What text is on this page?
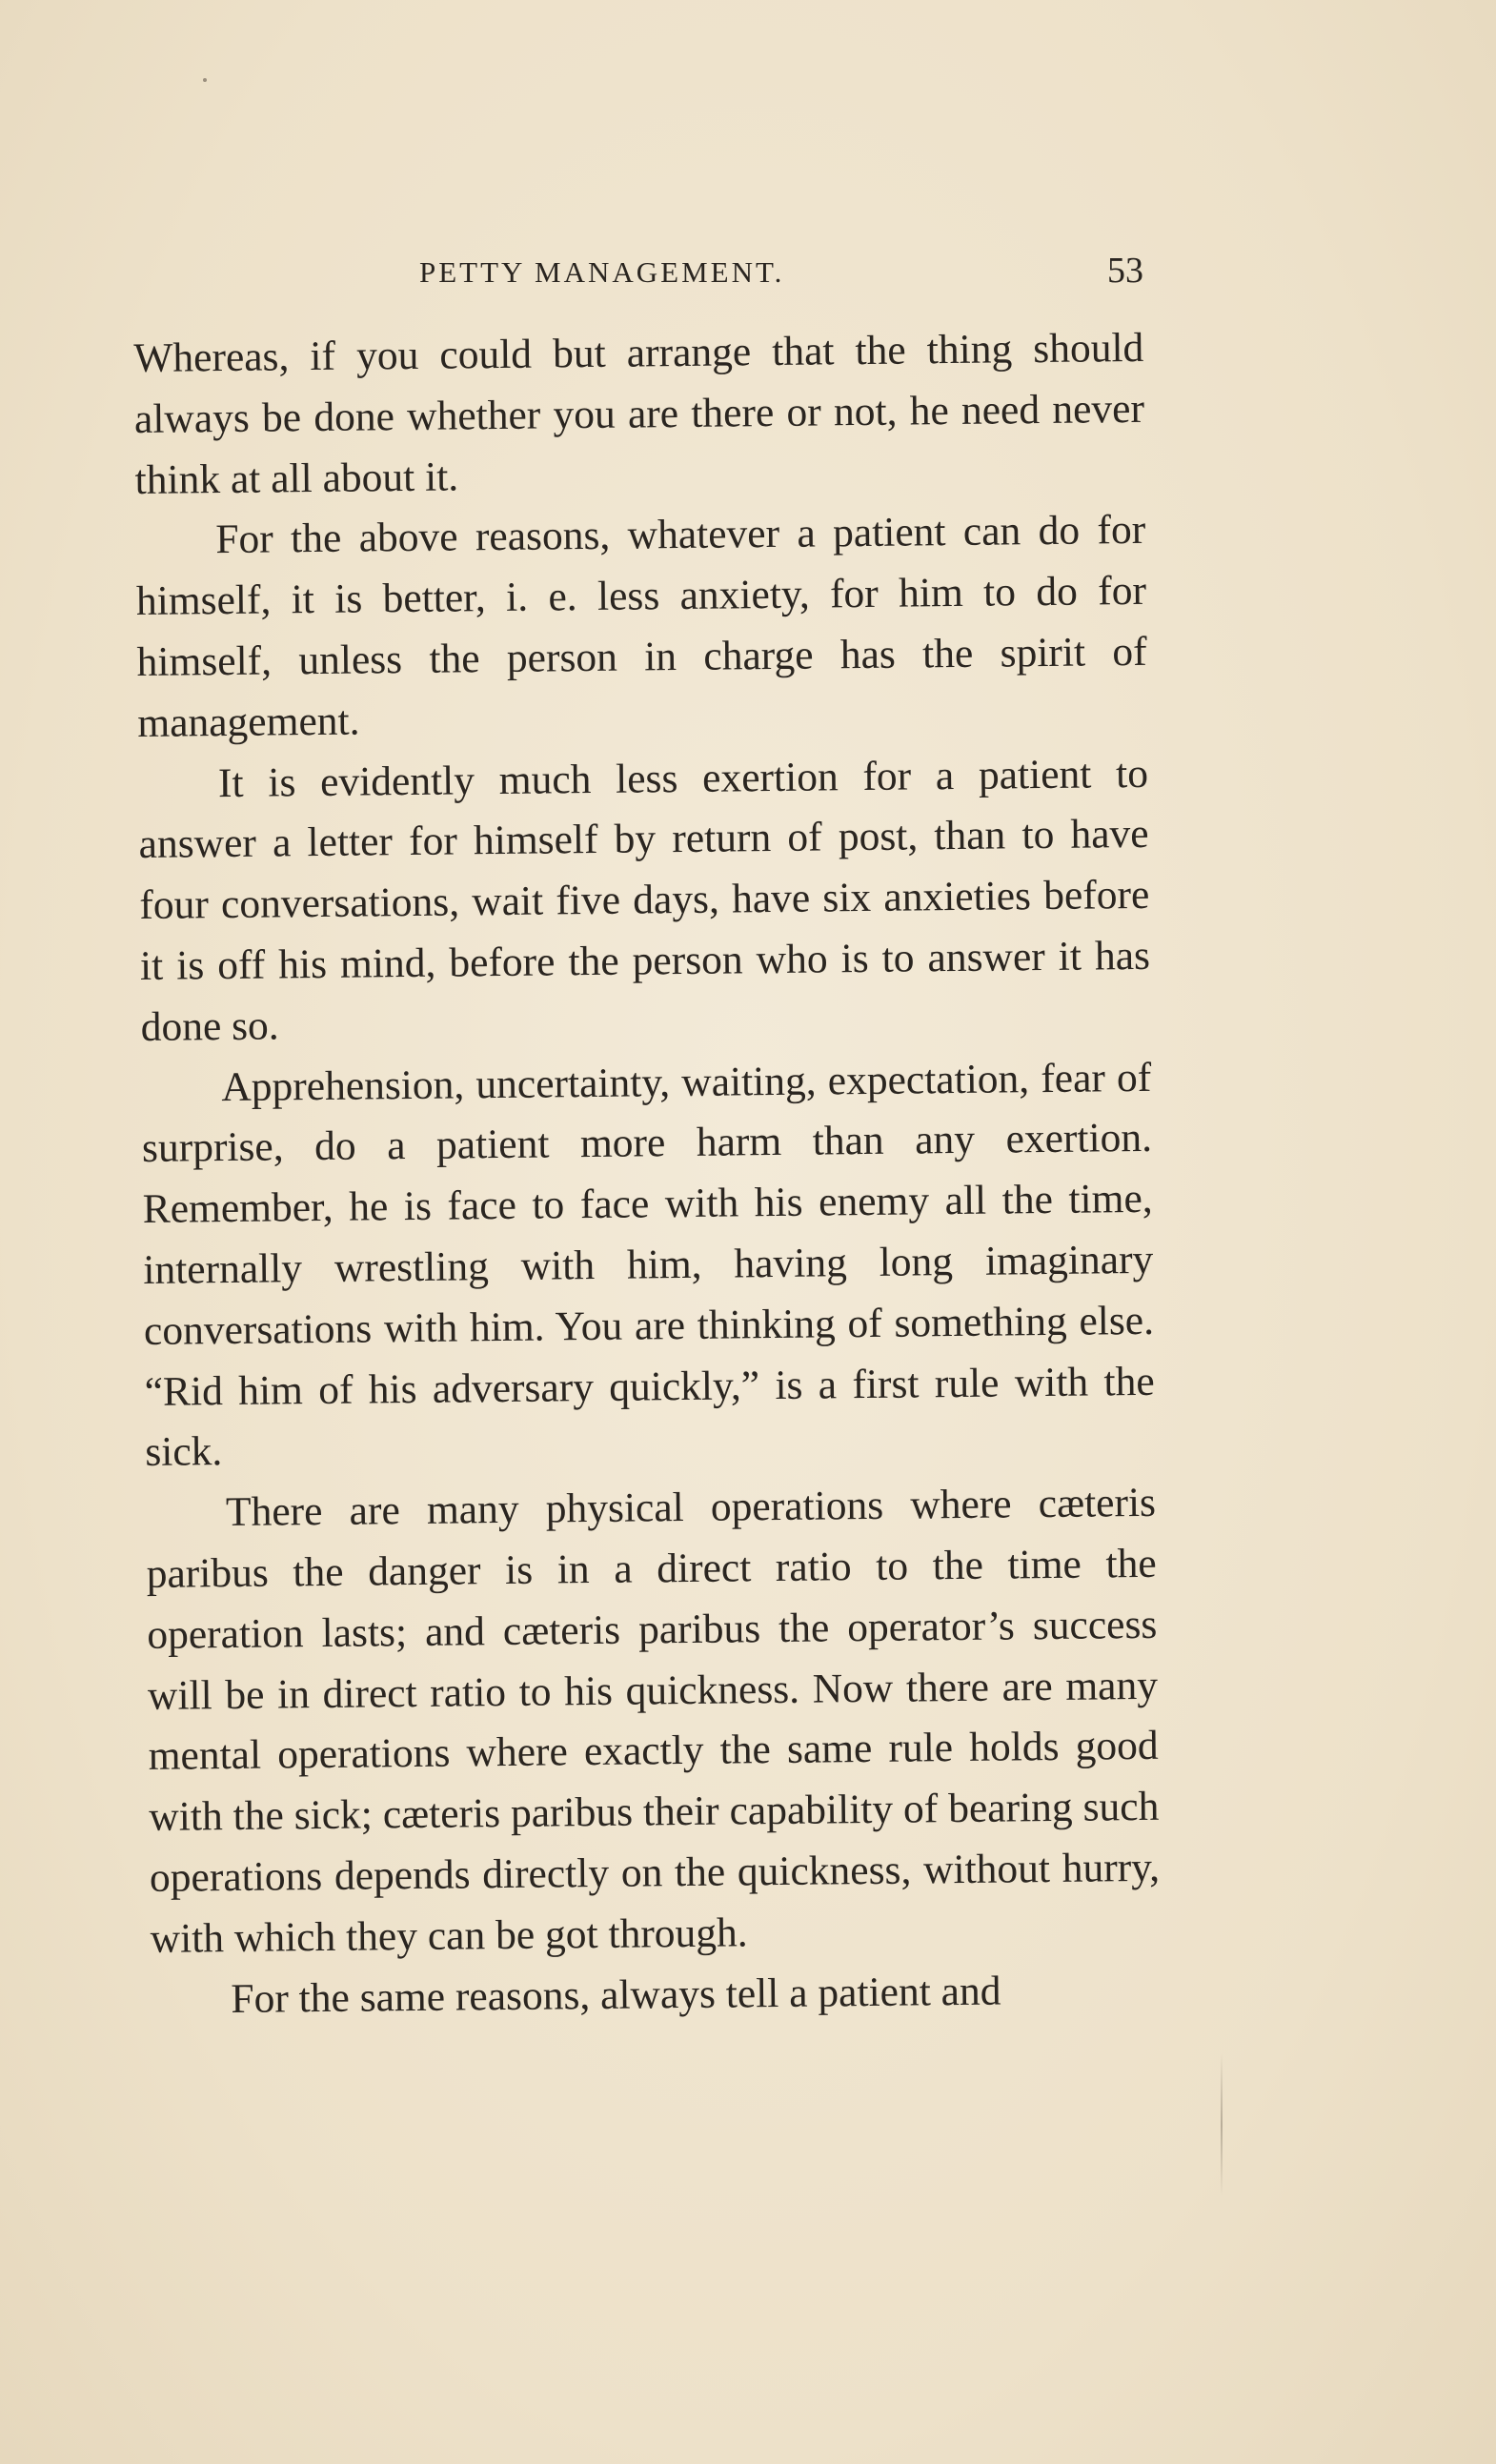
PETTY MANAGEMENT.	53

Whereas, if you could but arrange that the thing should always be done whether you are there or not, he need never think at all about it.

For the above reasons, whatever a patient can do for himself, it is better, i. e. less anxiety, for him to do for himself, unless the person in charge has the spirit of management.

It is evidently much less exertion for a patient to answer a letter for himself by return of post, than to have four conversations, wait five days, have six anxieties before it is off his mind, before the person who is to answer it has done so.

Apprehension, uncertainty, waiting, expectation, fear of surprise, do a patient more harm than any exertion. Remember, he is face to face with his enemy all the time, internally wrestling with him, having long imaginary conversations with him. You are thinking of something else. “Rid him of his adversary quickly,” is a first rule with the sick.

There are many physical operations where cæteris paribus the danger is in a direct ratio to the time the operation lasts; and cæteris paribus the operator’s success will be in direct ratio to his quickness. Now there are many mental operations where exactly the same rule holds good with the sick; cæteris paribus their capability of bearing such operations depends directly on the quickness, without hurry, with which they can be got through.

For the same reasons, always tell a patient and
